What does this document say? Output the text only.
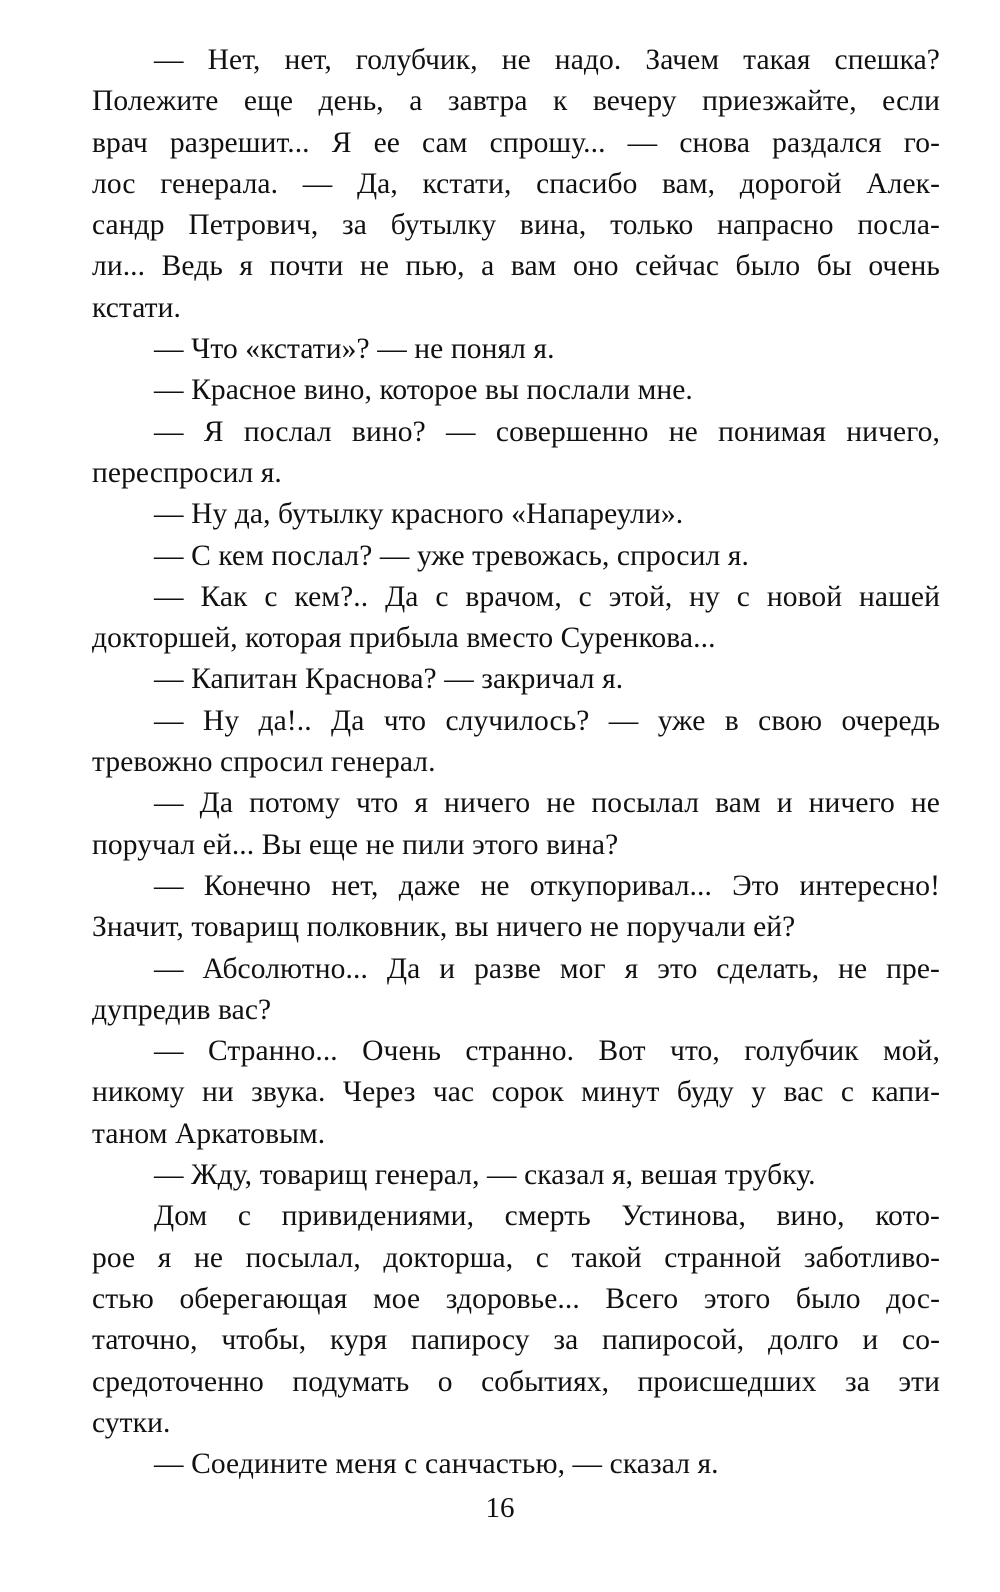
— Нет, нет, голубчик, не надо. Зачем такая спешка?
Полежите еще день, а завтра к вечеру приезжайте, если
врач разрешит... Я ее сам спрошу... — снова раздался го-
лос генерала. — Да, кстати, спасибо вам, дорогой Алек-
сандр Петрович, за бутылку вина, только напрасно посла-
ли... Ведь я почти не пью, а вам оно сейчас было бы очень
кстати.
— Что «кстати»? — не понял я.
— Красное вино, которое вы послали мне.
— Я послал вино? — совершенно не понимая ничего,
переспросил я.
— Ну да, бутылку красного «Напареули».
— С кем послал? — уже тревожась, спросил я.
— Как с кем?.. Да с врачом, с этой, ну с новой нашей
докторшей, которая прибыла вместо Суренкова...
— Капитан Краснова? — закричал я.
— Ну да!.. Да что случилось? — уже в свою очередь
тревожно спросил генерал.
— Да потому что я ничего не посылал вам и ничего не
поручал ей... Вы еще не пили этого вина?
— Конечно нет, даже не откупоривал... Это интересно!
Значит, товарищ полковник, вы ничего не поручали ей?
— Абсолютно... Да и разве мог я это сделать, не пре-
дупредив вас?
— Странно... Очень странно. Вот что, голубчик мой,
никому ни звука. Через час сорок минут буду у вас с капи-
таном Аркатовым.
— Жду, товарищ генерал, — сказал я, вешая трубку.
Дом с привидениями, смерть Устинова, вино, кото-
рое я не посылал, докторша, с такой странной заботливо-
стью оберегающая мое здоровье... Всего этого было дос-
таточно, чтобы, куря папиросу за папиросой, долго и со-
средоточенно подумать о событиях, происшедших за эти
сутки.
— Соедините меня с санчастью, — сказал я.
16
